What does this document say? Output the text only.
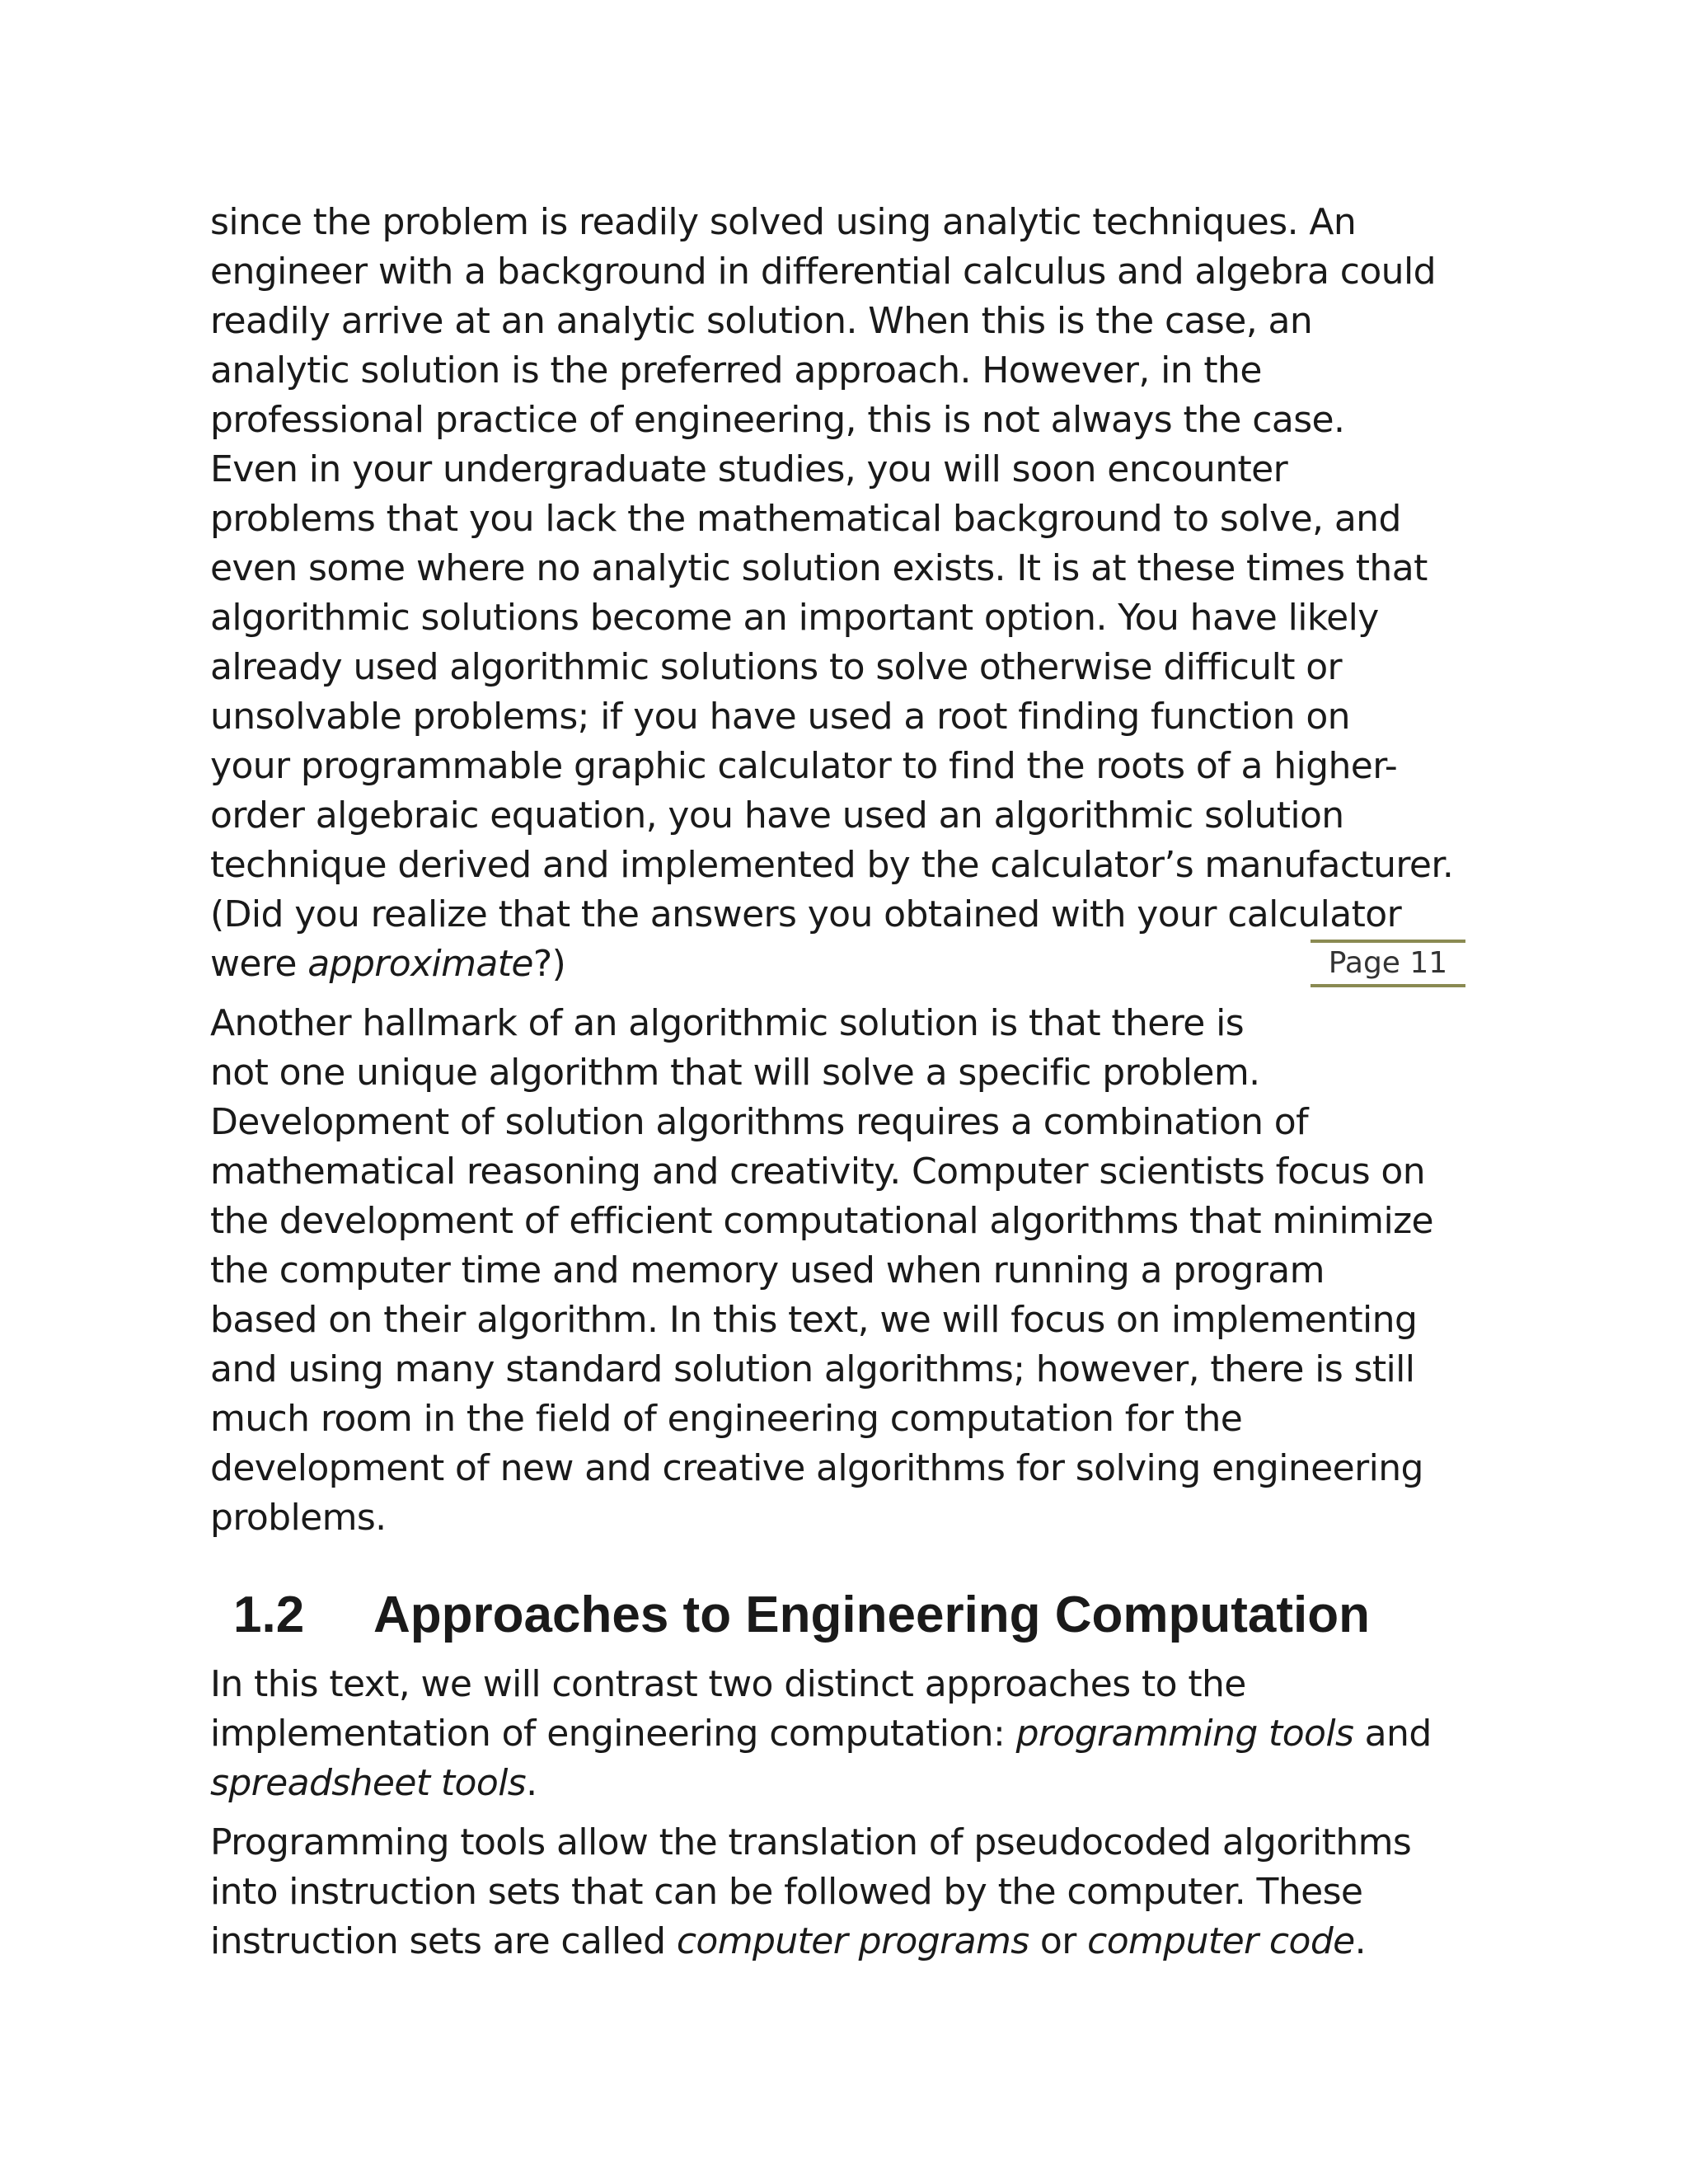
since the problem is readily solved using analytic techniques. An
engineer with a background in differential calculus and algebra could
readily arrive at an analytic solution. When this is the case, an
analytic solution is the preferred approach. However, in the
professional practice of engineering, this is not always the case.
Even in your undergraduate studies, you will soon encounter
problems that you lack the mathematical background to solve, and
even some where no analytic solution exists. It is at these times that
algorithmic solutions become an important option. You have likely
already used algorithmic solutions to solve otherwise difficult or
unsolvable problems; if you have used a root finding function on
your programmable graphic calculator to find the roots of a higher-
order algebraic equation, you have used an algorithmic solution
technique derived and implemented by the calculator’s manufacturer.
(Did you realize that the answers you obtained with your calculator
were approximate?)
Another hallmark of an algorithmic solution is that there is
not one unique algorithm that will solve a specific problem.
Development of solution algorithms requires a combination of
mathematical reasoning and creativity. Computer scientists focus on
the development of efficient computational algorithms that minimize
the computer time and memory used when running a program
based on their algorithm. In this text, we will focus on implementing
and using many standard solution algorithms; however, there is still
much room in the field of engineering computation for the
development of new and creative algorithms for solving engineering
problems.
1.2 Approaches to Engineering Computation
In this text, we will contrast two distinct approaches to the
implementation of engineering computation: programming tools and
spreadsheet tools.
Programming tools allow the translation of pseudocoded algorithms
into instruction sets that can be followed by the computer. These
instruction sets are called computer programs or computer code.
Page 11
